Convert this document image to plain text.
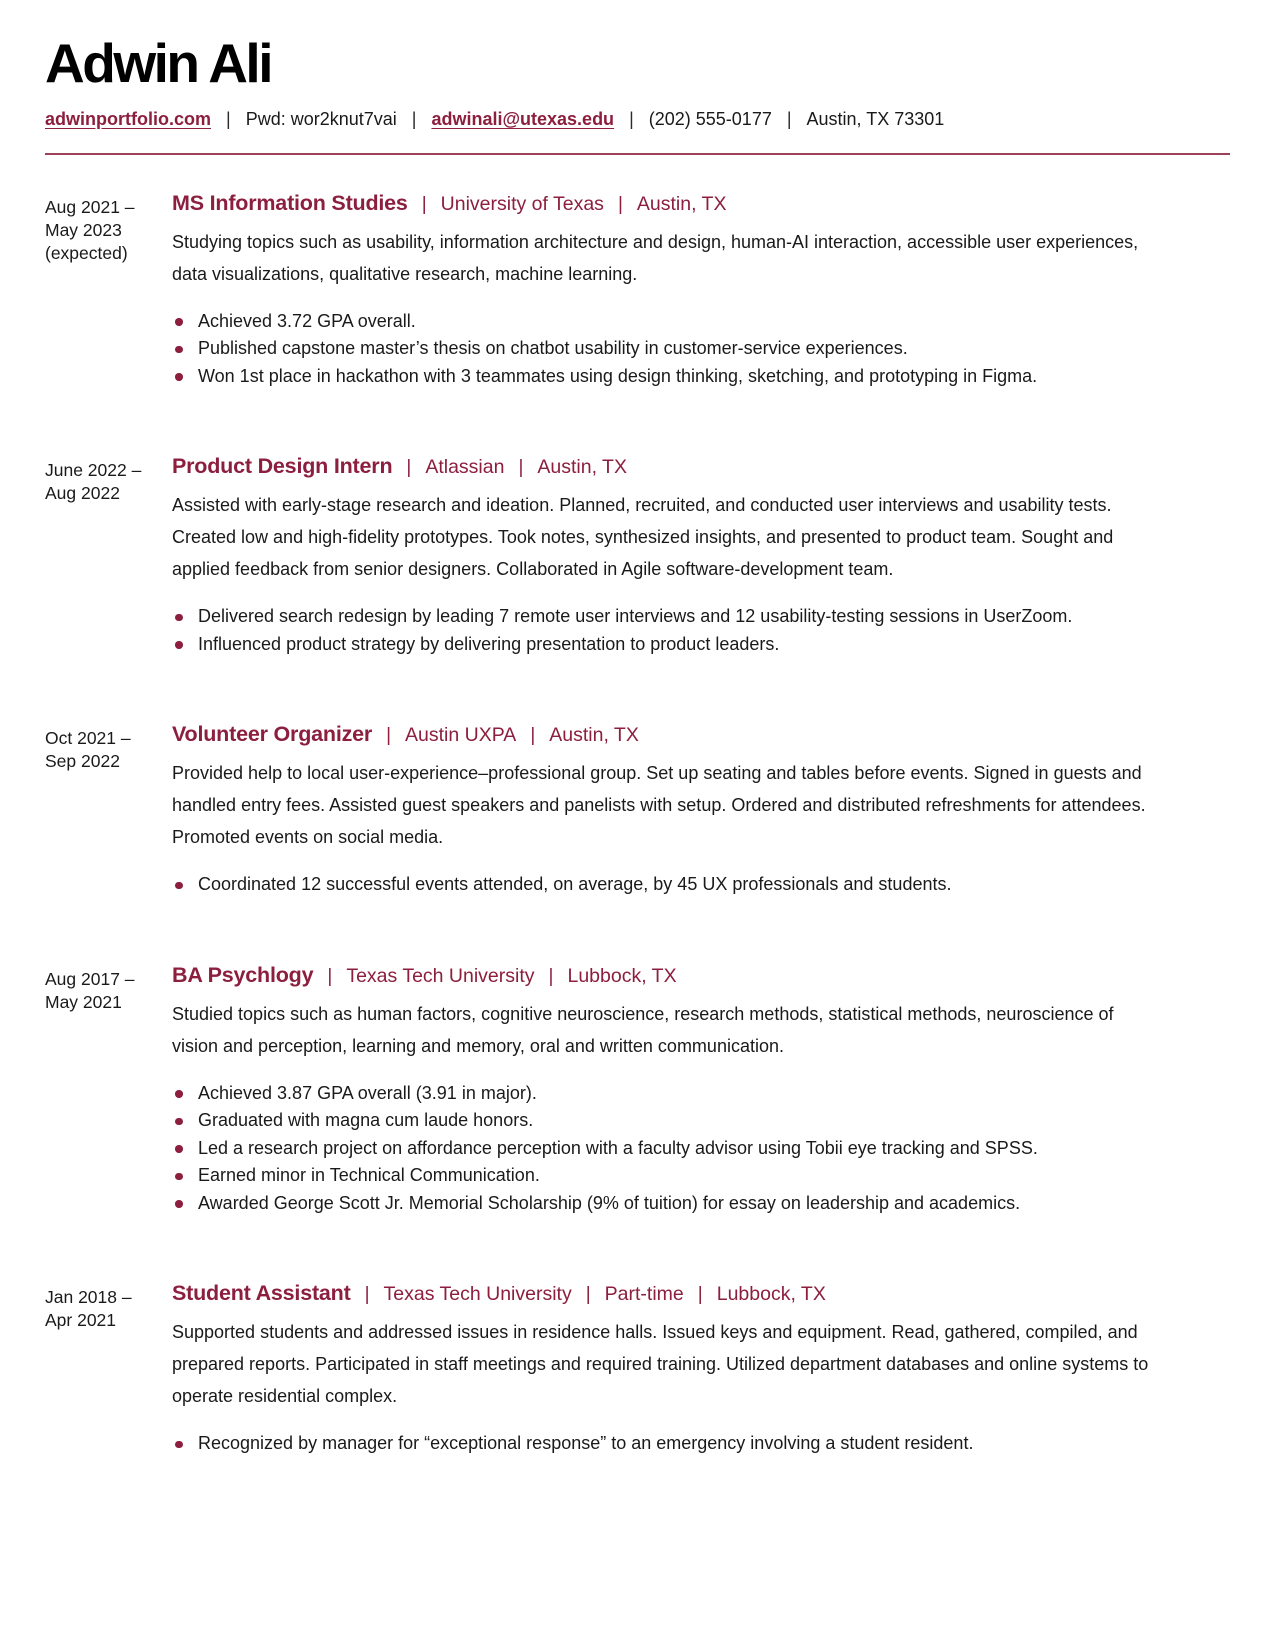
Adwin Ali
adwinportfolio.com | Pwd: wor2knut7vai | adwinali@utexas.edu | (202) 555-0177 | Austin, TX 73301
Aug 2021 –
May 2023
(expected)
MS Information Studies | University of Texas | Austin, TX

Studying topics such as usability, information architecture and design, human-AI interaction, accessible user experiences, data visualizations, qualitative research, machine learning.

Achieved 3.72 GPA overall.
Published capstone master’s thesis on chatbot usability in customer-service experiences.
Won 1st place in hackathon with 3 teammates using design thinking, sketching, and prototyping in Figma.
June 2022 –
Aug 2022
Product Design Intern | Atlassian | Austin, TX

Assisted with early-stage research and ideation. Planned, recruited, and conducted user interviews and usability tests. Created low and high-fidelity prototypes. Took notes, synthesized insights, and presented to product team. Sought and applied feedback from senior designers. Collaborated in Agile software-development team.

Delivered search redesign by leading 7 remote user interviews and 12 usability-testing sessions in UserZoom.
Influenced product strategy by delivering presentation to product leaders.
Oct 2021 –
Sep 2022
Volunteer Organizer | Austin UXPA | Austin, TX

Provided help to local user-experience–professional group. Set up seating and tables before events. Signed in guests and handled entry fees. Assisted guest speakers and panelists with setup. Ordered and distributed refreshments for attendees. Promoted events on social media.

Coordinated 12 successful events attended, on average, by 45 UX professionals and students.
Aug 2017 –
May 2021
BA Psychlogy | Texas Tech University | Lubbock, TX

Studied topics such as human factors, cognitive neuroscience, research methods, statistical methods, neuroscience of vision and perception, learning and memory, oral and written communication.

Achieved 3.87 GPA overall (3.91 in major).
Graduated with magna cum laude honors.
Led a research project on affordance perception with a faculty advisor using Tobii eye tracking and SPSS.
Earned minor in Technical Communication.
Awarded George Scott Jr. Memorial Scholarship (9% of tuition) for essay on leadership and academics.
Jan 2018 –
Apr 2021
Student Assistant | Texas Tech University | Part-time | Lubbock, TX

Supported students and addressed issues in residence halls. Issued keys and equipment. Read, gathered, compiled, and prepared reports. Participated in staff meetings and required training. Utilized department databases and online systems to operate residential complex.

Recognized by manager for “exceptional response” to an emergency involving a student resident.
